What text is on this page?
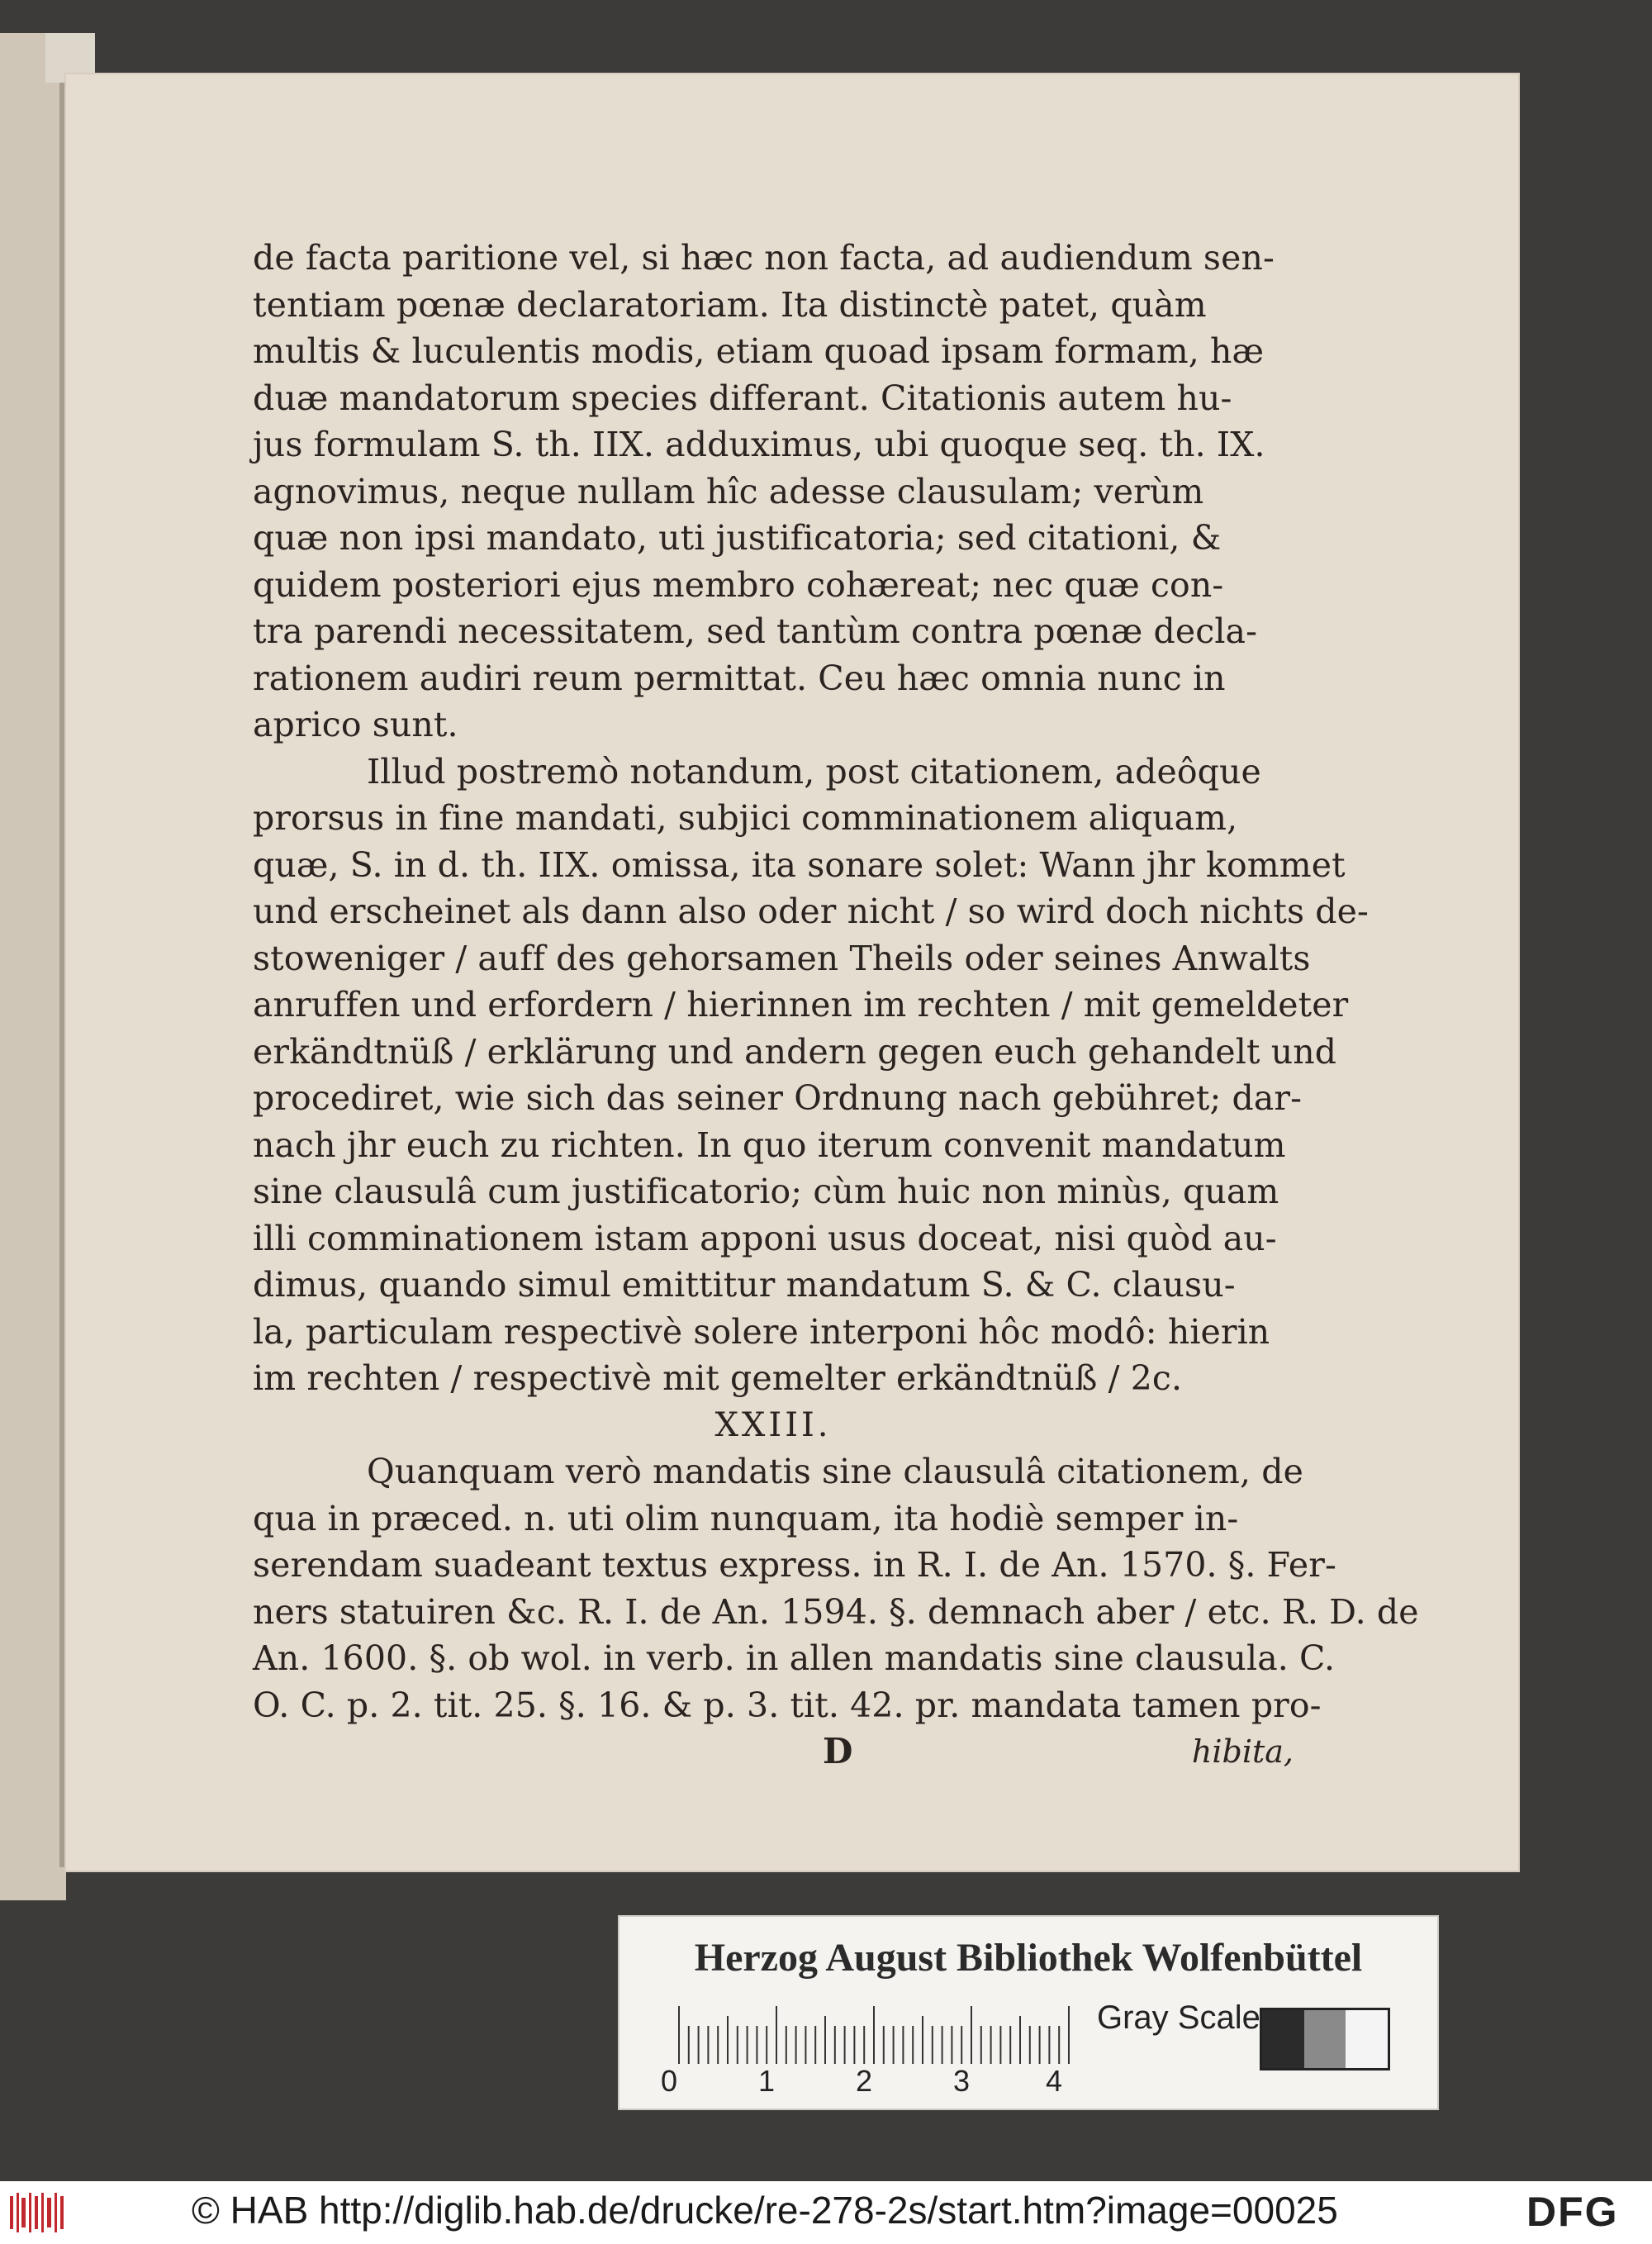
de facta paritione vel, si hæc non facta, ad audiendum sen-
tentiam pœnæ declaratoriam. Ita distinctè patet, quàm
multis & luculentis modis, etiam quoad ipsam formam, hæ
duæ mandatorum species differant. Citationis autem hu-
jus formulam S. th. IIX. adduximus, ubi quoque seq. th. IX.
agnovimus, neque nullam hîc adesse clausulam; verùm
quæ non ipsi mandato, uti justificatoria; sed citationi, &
quidem posteriori ejus membro cohæreat; nec quæ con-
tra parendi necessitatem, sed tantùm contra pœnæ decla-
rationem audiri reum permittat. Ceu hæc omnia nunc in
aprico sunt.
Illud postremò notandum, post citationem, adeôque
prorsus in fine mandati, subjici comminationem aliquam,
quæ, S. in d. th. IIX. omissa, ita sonare solet: Wann jhr kommet
und erscheinet als dann also oder nicht / so wird doch nichts de-
stoweniger / auff des gehorsamen Theils oder seines Anwalts
anruffen und erfordern / hierinnen im rechten / mit gemeldeter
erkändtnüß / erklärung und andern gegen euch gehandelt und
procediret, wie sich das seiner Ordnung nach gebühret; dar-
nach jhr euch zu richten. In quo iterum convenit mandatum
sine clausulâ cum justificatorio; cùm huic non minùs, quam
illi comminationem istam apponi usus doceat, nisi quòd au-
dimus, quando simul emittitur mandatum S. & C. clausu-
la, particulam respectivè solere interponi hôc modô: hierin
im rechten / respectivè mit gemelter erkändtnüß / 2c.
XXIII.
Quanquam verò mandatis sine clausulâ citationem, de
qua in præced. n. uti olim nunquam, ita hodiè semper in-
serendam suadeant textus express. in R. I. de An. 1570. §. Fer-
ners statuiren &c. R. I. de An. 1594. §. demnach aber / etc. R. D. de
An. 1600. §. ob wol. in verb. in allen mandatis sine clausula. C.
O. C. p. 2. tit. 25. §. 16. & p. 3. tit. 42. pr. mandata tamen pro-
D	hibita,
Herzog August Bibliothek Wolfenbüttel
0	1	2	3	4
Gray Scale
© HAB http://diglib.hab.de/drucke/re-278-2s/start.htm?image=00025	DFG
